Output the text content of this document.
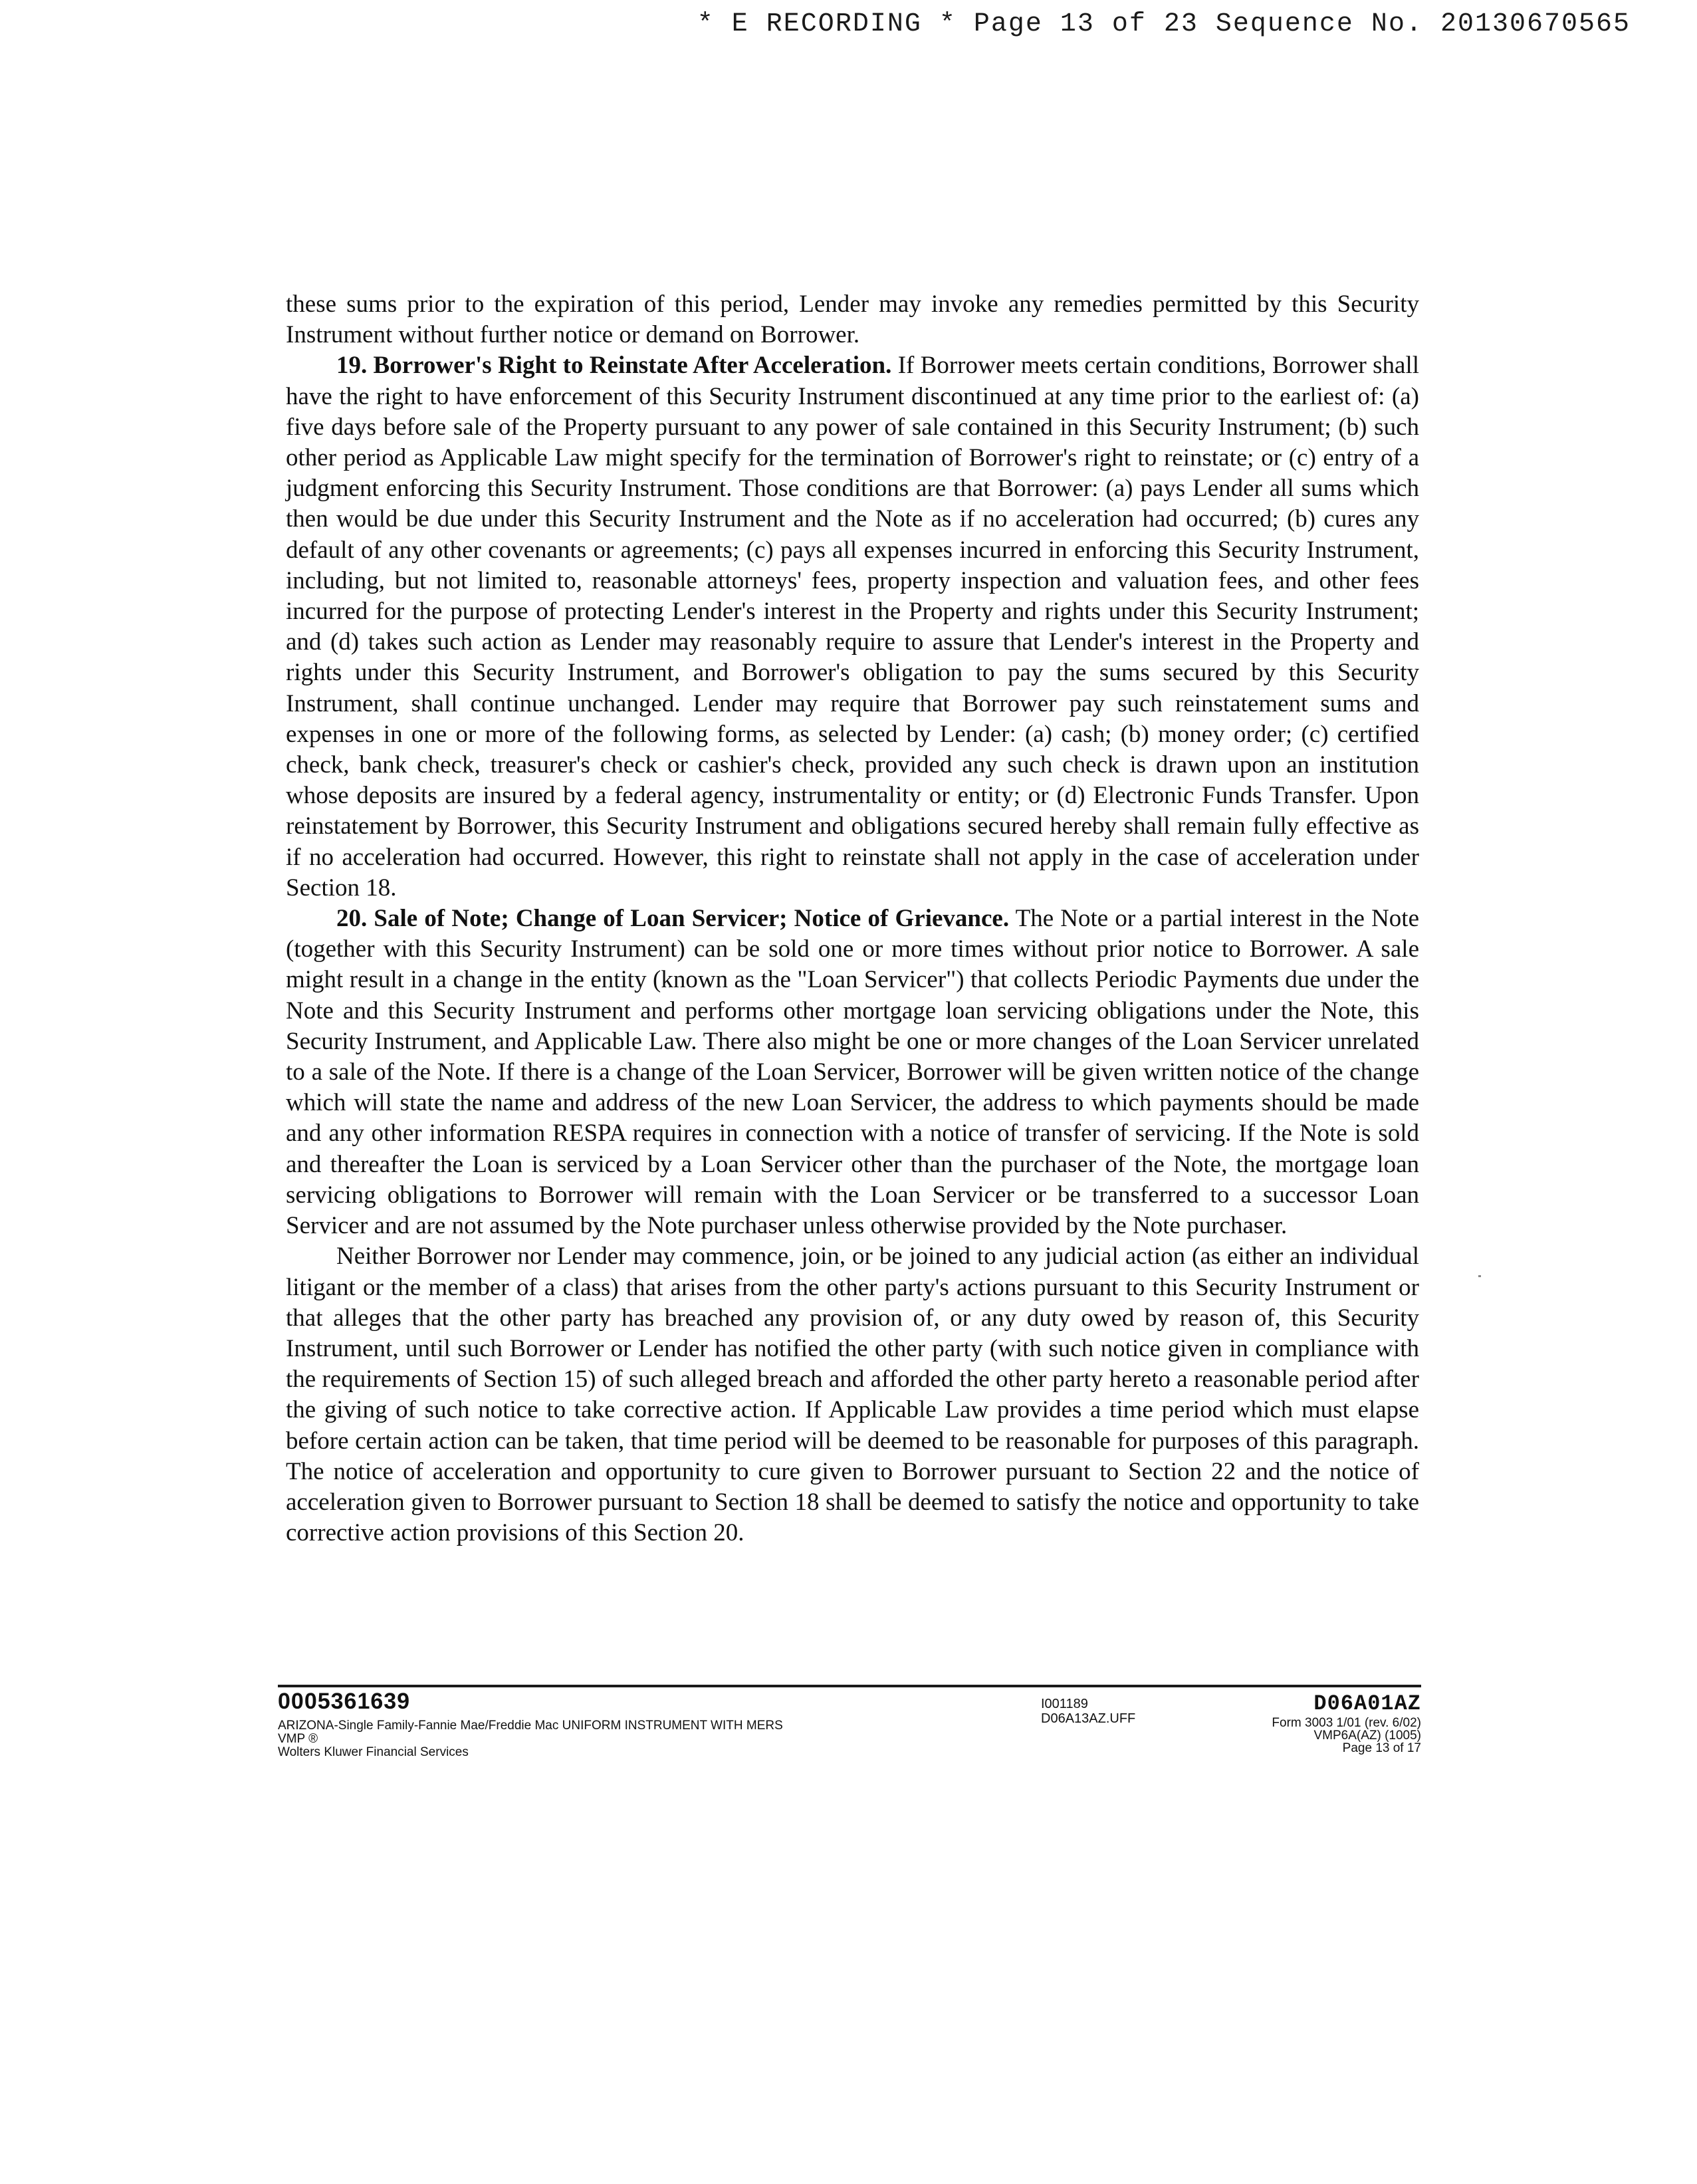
* E RECORDING * Page 13 of 23 Sequence No. 20130670565

these sums prior to the expiration of this period, Lender may invoke any remedies permitted by this Security Instrument without further notice or demand on Borrower.

19. Borrower's Right to Reinstate After Acceleration. If Borrower meets certain conditions, Borrower shall have the right to have enforcement of this Security Instrument discontinued at any time prior to the earliest of: (a) five days before sale of the Property pursuant to any power of sale contained in this Security Instrument; (b) such other period as Applicable Law might specify for the termination of Borrower's right to reinstate; or (c) entry of a judgment enforcing this Security Instrument. Those conditions are that Borrower: (a) pays Lender all sums which then would be due under this Security Instrument and the Note as if no acceleration had occurred; (b) cures any default of any other covenants or agreements; (c) pays all expenses incurred in enforcing this Security Instrument, including, but not limited to, reasonable attorneys' fees, property inspection and valuation fees, and other fees incurred for the purpose of protecting Lender's interest in the Property and rights under this Security Instrument; and (d) takes such action as Lender may reasonably require to assure that Lender's interest in the Property and rights under this Security Instrument, and Borrower's obligation to pay the sums secured by this Security Instrument, shall continue unchanged. Lender may require that Borrower pay such reinstatement sums and expenses in one or more of the following forms, as selected by Lender: (a) cash; (b) money order; (c) certified check, bank check, treasurer's check or cashier's check, provided any such check is drawn upon an institution whose deposits are insured by a federal agency, instrumentality or entity; or (d) Electronic Funds Transfer. Upon reinstatement by Borrower, this Security Instrument and obligations secured hereby shall remain fully effective as if no acceleration had occurred. However, this right to reinstate shall not apply in the case of acceleration under Section 18.

20. Sale of Note; Change of Loan Servicer; Notice of Grievance. The Note or a partial interest in the Note (together with this Security Instrument) can be sold one or more times without prior notice to Borrower. A sale might result in a change in the entity (known as the "Loan Servicer") that collects Periodic Payments due under the Note and this Security Instrument and performs other mortgage loan servicing obligations under the Note, this Security Instrument, and Applicable Law. There also might be one or more changes of the Loan Servicer unrelated to a sale of the Note. If there is a change of the Loan Servicer, Borrower will be given written notice of the change which will state the name and address of the new Loan Servicer, the address to which payments should be made and any other information RESPA requires in connection with a notice of transfer of servicing. If the Note is sold and thereafter the Loan is serviced by a Loan Servicer other than the purchaser of the Note, the mortgage loan servicing obligations to Borrower will remain with the Loan Servicer or be transferred to a successor Loan Servicer and are not assumed by the Note purchaser unless otherwise provided by the Note purchaser.

Neither Borrower nor Lender may commence, join, or be joined to any judicial action (as either an individual litigant or the member of a class) that arises from the other party's actions pursuant to this Security Instrument or that alleges that the other party has breached any provision of, or any duty owed by reason of, this Security Instrument, until such Borrower or Lender has notified the other party (with such notice given in compliance with the requirements of Section 15) of such alleged breach and afforded the other party hereto a reasonable period after the giving of such notice to take corrective action. If Applicable Law provides a time period which must elapse before certain action can be taken, that time period will be deemed to be reasonable for purposes of this paragraph. The notice of acceleration and opportunity to cure given to Borrower pursuant to Section 22 and the notice of acceleration given to Borrower pursuant to Section 18 shall be deemed to satisfy the notice and opportunity to take corrective action provisions of this Section 20.

0005361639
ARIZONA-Single Family-Fannie Mae/Freddie Mac UNIFORM INSTRUMENT WITH MERS
VMP ®
Wolters Kluwer Financial Services
I001189
D06A13AZ.UFF
D06A01AZ
Form 3003 1/01 (rev. 6/02)
VMP6A(AZ) (1005)
Page 13 of 17
